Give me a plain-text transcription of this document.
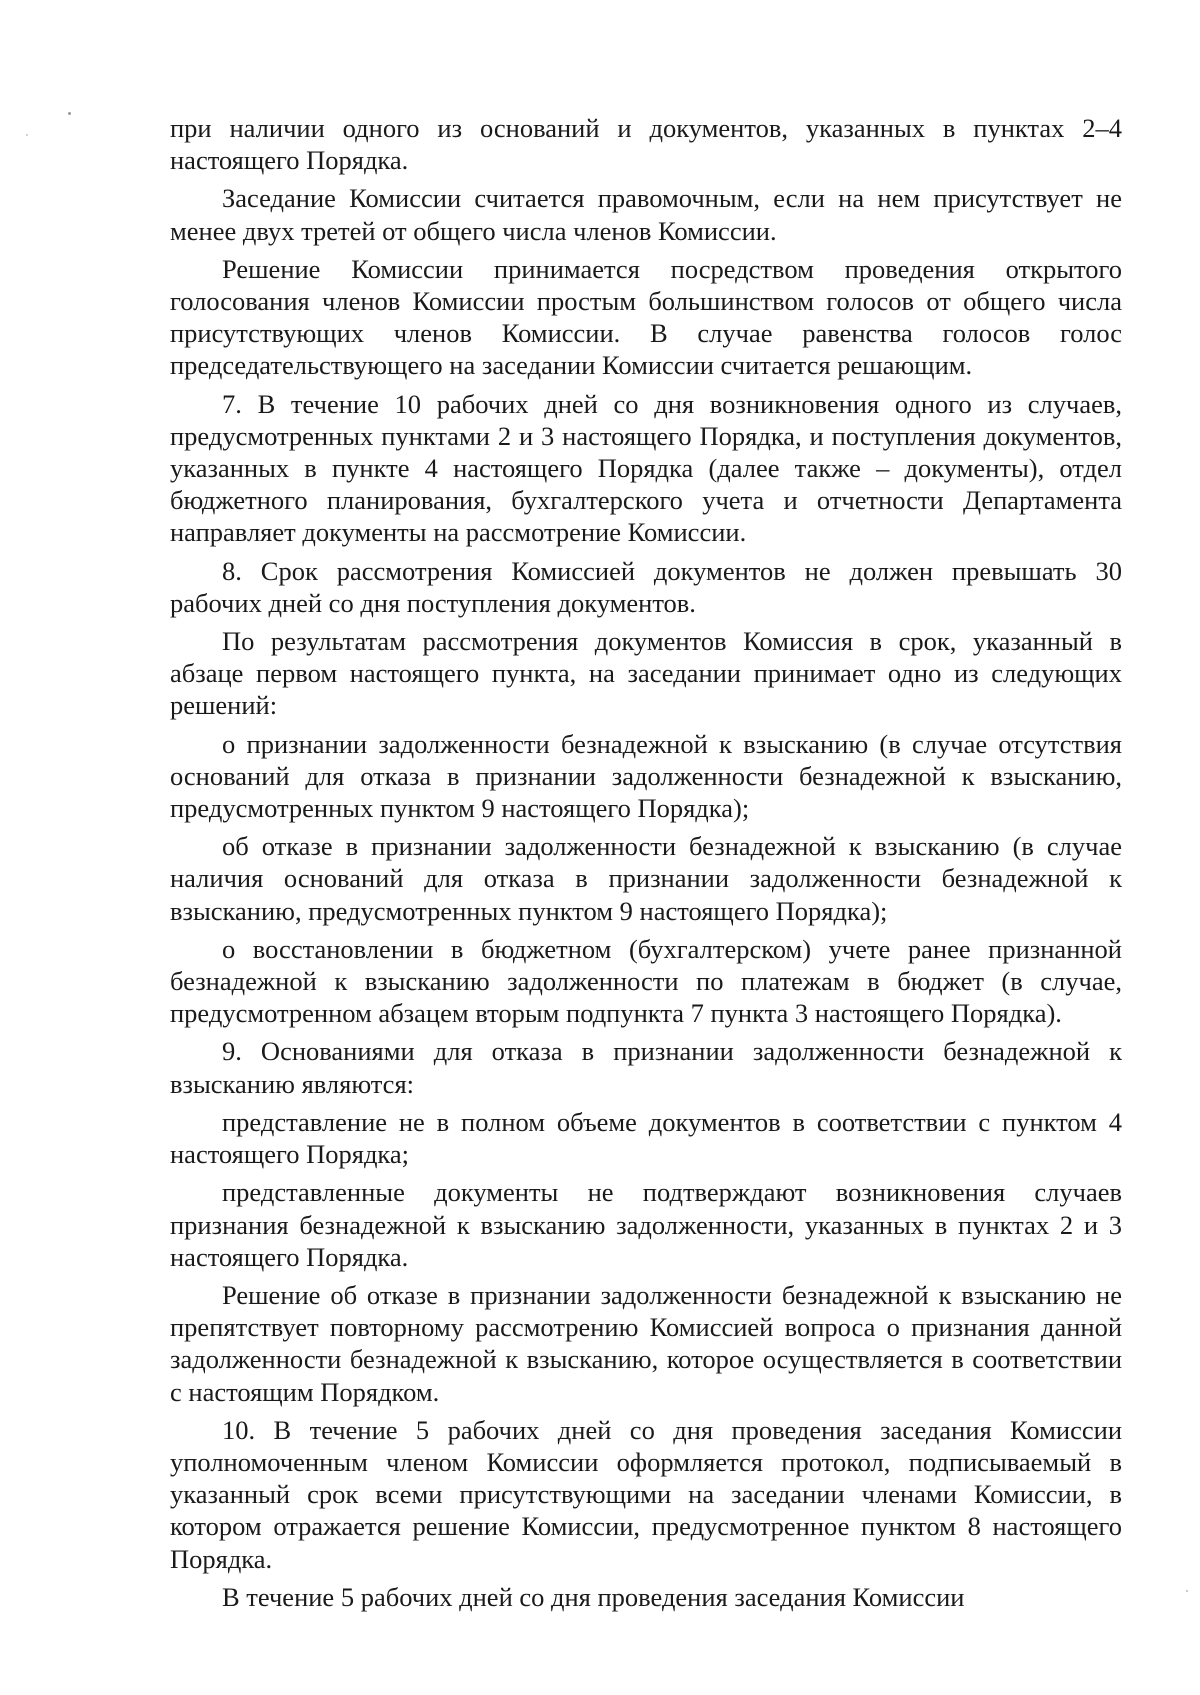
при наличии одного из оснований и документов, указанных в пунктах 2–4 настоящего Порядка.

Заседание Комиссии считается правомочным, если на нем присутствует не менее двух третей от общего числа членов Комиссии.

Решение Комиссии принимается посредством проведения открытого голосования членов Комиссии простым большинством голосов от общего числа присутствующих членов Комиссии. В случае равенства голосов голос председательствующего на заседании Комиссии считается решающим.

7. В течение 10 рабочих дней со дня возникновения одного из случаев, предусмотренных пунктами 2 и 3 настоящего Порядка, и поступления документов, указанных в пункте 4 настоящего Порядка (далее также – документы), отдел бюджетного планирования, бухгалтерского учета и отчетности Департамента направляет документы на рассмотрение Комиссии.

8. Срок рассмотрения Комиссией документов не должен превышать 30 рабочих дней со дня поступления документов.

По результатам рассмотрения документов Комиссия в срок, указанный в абзаце первом настоящего пункта, на заседании принимает одно из следующих решений:

о признании задолженности безнадежной к взысканию (в случае отсутствия оснований для отказа в признании задолженности безнадежной к взысканию, предусмотренных пунктом 9 настоящего Порядка);

об отказе в признании задолженности безнадежной к взысканию (в случае наличия оснований для отказа в признании задолженности безнадежной к взысканию, предусмотренных пунктом 9 настоящего Порядка);

о восстановлении в бюджетном (бухгалтерском) учете ранее признанной безнадежной к взысканию задолженности по платежам в бюджет (в случае, предусмотренном абзацем вторым подпункта 7 пункта 3 настоящего Порядка).

9. Основаниями для отказа в признании задолженности безнадежной к взысканию являются:

представление не в полном объеме документов в соответствии с пунктом 4 настоящего Порядка;

представленные документы не подтверждают возникновения случаев признания безнадежной к взысканию задолженности, указанных в пунктах 2 и 3 настоящего Порядка.

Решение об отказе в признании задолженности безнадежной к взысканию не препятствует повторному рассмотрению Комиссией вопроса о признания данной задолженности безнадежной к взысканию, которое осуществляется в соответствии с настоящим Порядком.

10. В течение 5 рабочих дней со дня проведения заседания Комиссии уполномоченным членом Комиссии оформляется протокол, подписываемый в указанный срок всеми присутствующими на заседании членами Комиссии, в котором отражается решение Комиссии, предусмотренное пунктом 8 настоящего Порядка.

В течение 5 рабочих дней со дня проведения заседания Комиссии
